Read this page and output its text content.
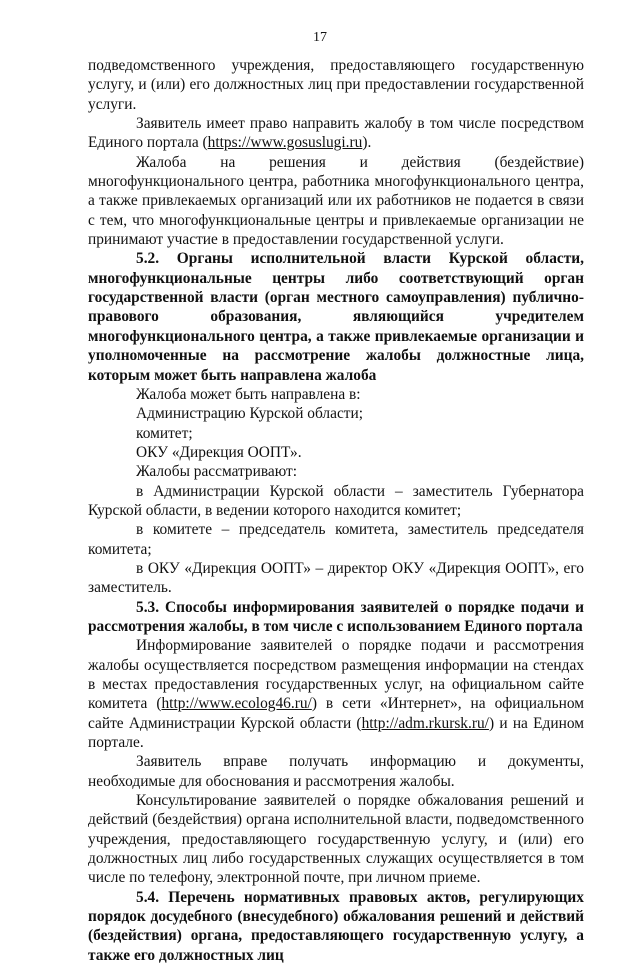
17

подведомственного учреждения, предоставляющего государственную услугу, и (или) его должностных лиц при предоставлении государственной услуги.

Заявитель имеет право направить жалобу в том числе посредством Единого портала (https://www.gosuslugi.ru).

Жалоба на решения и действия (бездействие) многофункционального центра, работника многофункционального центра, а также привлекаемых организаций или их работников не подается в связи с тем, что многофункциональные центры и привлекаемые организации не принимают участие в предоставлении государственной услуги.

5.2. Органы исполнительной власти Курской области, многофункциональные центры либо соответствующий орган государственной власти (орган местного самоуправления) публично-правового образования, являющийся учредителем многофункционального центра, а также привлекаемые организации и уполномоченные на рассмотрение жалобы должностные лица, которым может быть направлена жалоба

Жалоба может быть направлена в:

Администрацию Курской области;

комитет;

ОКУ «Дирекция ООПТ».

Жалобы рассматривают:

в Администрации Курской области – заместитель Губернатора Курской области, в ведении которого находится комитет;

в комитете – председатель комитета, заместитель председателя комитета;

в ОКУ «Дирекция ООПТ» – директор ОКУ «Дирекция ООПТ», его заместитель.

5.3. Способы информирования заявителей о порядке подачи и рассмотрения жалобы, в том числе с использованием Единого портала

Информирование заявителей о порядке подачи и рассмотрения жалобы осуществляется посредством размещения информации на стендах в местах предоставления государственных услуг, на официальном сайте комитета (http://www.ecolog46.ru/) в сети «Интернет», на официальном сайте Администрации Курской области (http://adm.rkursk.ru/) и на Едином портале.

Заявитель вправе получать информацию и документы, необходимые для обоснования и рассмотрения жалобы.

Консультирование заявителей о порядке обжалования решений и действий (бездействия) органа исполнительной власти, подведомственного учреждения, предоставляющего государственную услугу, и (или) его должностных лиц либо государственных служащих осуществляется в том числе по телефону, электронной почте, при личном приеме.

5.4. Перечень нормативных правовых актов, регулирующих порядок досудебного (внесудебного) обжалования решений и действий (бездействия) органа, предоставляющего государственную услугу, а также его должностных лиц
